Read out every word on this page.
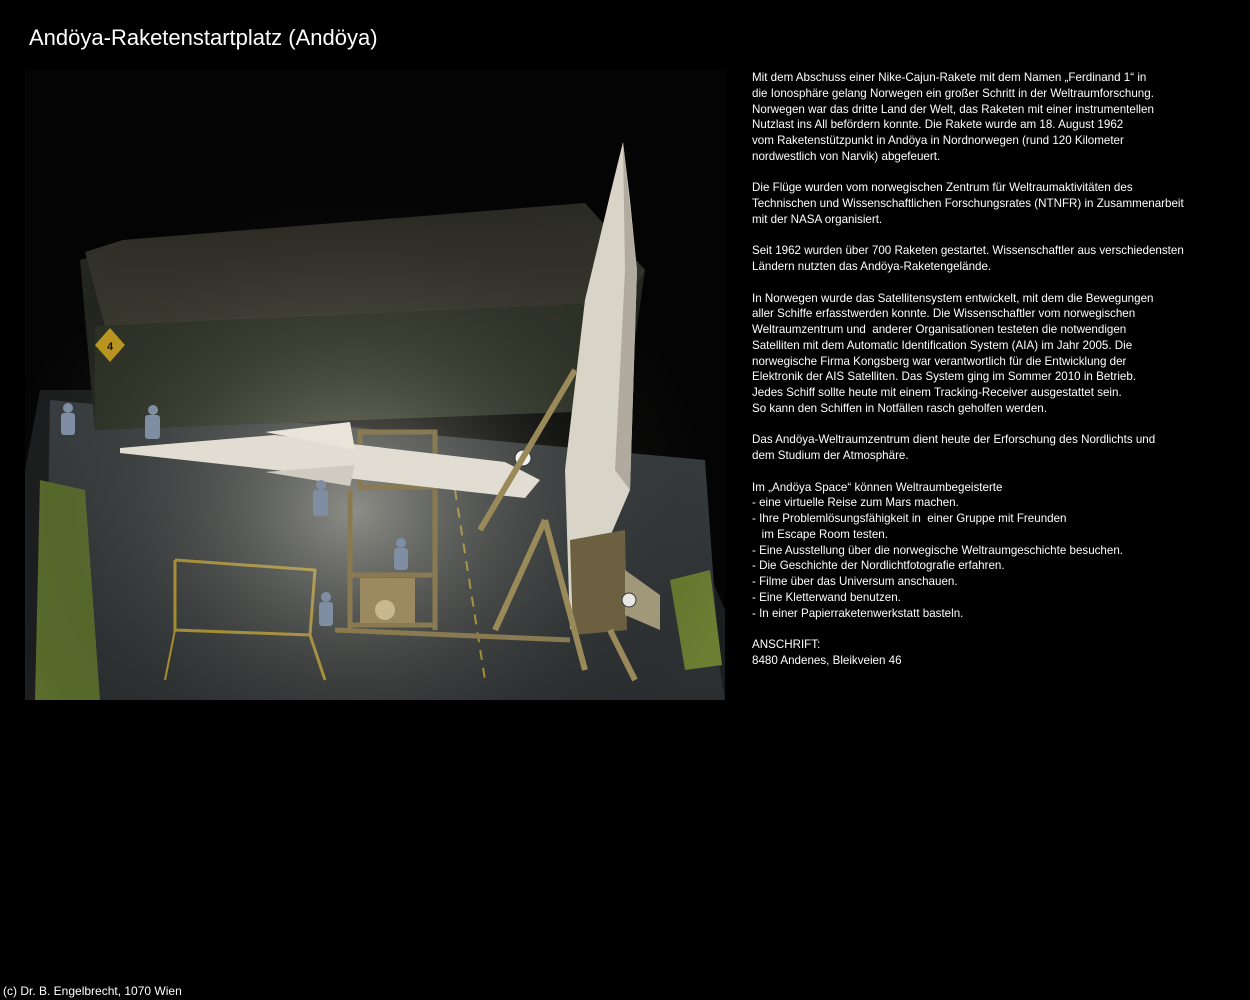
Andöya-Raketenstartplatz (Andöya)
Mit dem Abschuss einer Nike-Cajun-Rakete mit dem Namen „Ferdinand 1“ in
die Ionosphäre gelang Norwegen ein großer Schritt in der Weltraumforschung.
Norwegen war das dritte Land der Welt, das Raketen mit einer instrumentellen
Nutzlast ins All befördern konnte. Die Rakete wurde am 18. August 1962
vom Raketenstützpunkt in Andöya in Nordnorwegen (rund 120 Kilometer
nordwestlich von Narvik) abgefeuert.
Die Flüge wurden vom norwegischen Zentrum für Weltraumaktivitäten des
Technischen und Wissenschaftlichen Forschungsrates (NTNFR) in Zusammenarbeit
mit der NASA organisiert.
Seit 1962 wurden über 700 Raketen gestartet. Wissenschaftler aus verschiedensten
Ländern nutzten das Andöya-Raketengelände.
In Norwegen wurde das Satellitensystem entwickelt, mit dem die Bewegungen
aller Schiffe erfasstwerden konnte. Die Wissenschaftler vom norwegischen
Weltraumzentrum und  anderer Organisationen testeten die notwendigen
Satelliten mit dem Automatic Identification System (AIA) im Jahr 2005. Die
norwegische Firma Kongsberg war verantwortlich für die Entwicklung der
Elektronik der AIS Satelliten. Das System ging im Sommer 2010 in Betrieb.
Jedes Schiff sollte heute mit einem Tracking-Receiver ausgestattet sein.
So kann den Schiffen in Notfällen rasch geholfen werden.
Das Andöya-Weltraumzentrum dient heute der Erforschung des Nordlichts und
dem Studium der Atmosphäre.
Im „Andöya Space“ können Weltraumbegeisterte
- eine virtuelle Reise zum Mars machen.
- Ihre Problemlösungsfähigkeit in  einer Gruppe mit Freunden
im Escape Room testen.
- Eine Ausstellung über die norwegische Weltraumgeschichte besuchen.
- Die Geschichte der Nordlichtfotografie erfahren.
- Filme über das Universum anschauen.
- Eine Kletterwand benutzen.
- In einer Papierraketenwerkstatt basteln.
ANSCHRIFT:
8480 Andenes, Bleikveien 46
(c) Dr. B. Engelbrecht, 1070 Wien
